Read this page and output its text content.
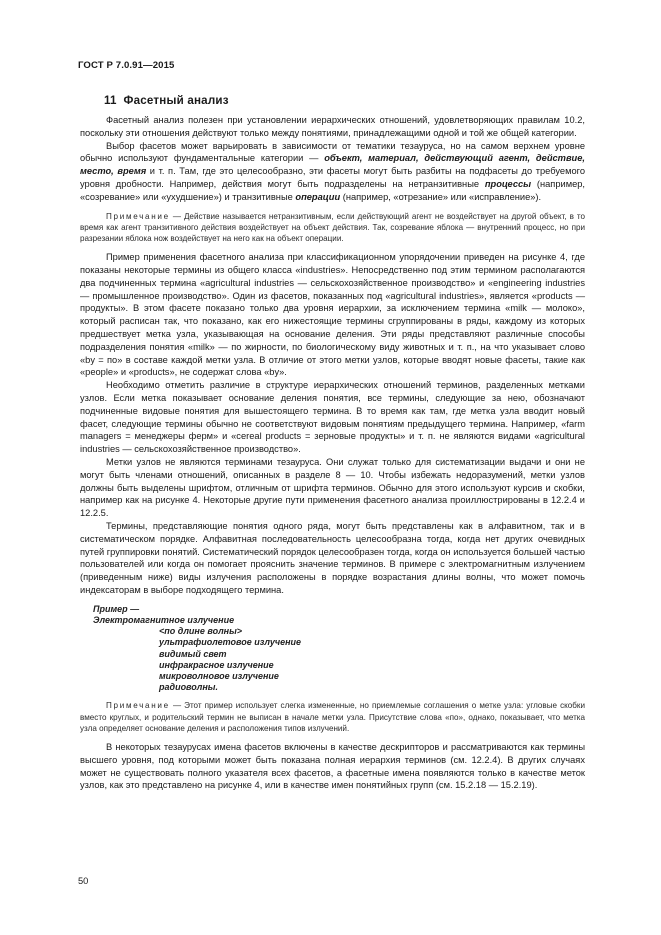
ГОСТ Р 7.0.91—2015
11 Фасетный анализ

Фасетный анализ полезен при установлении иерархических отношений, удовлетворяющих правилам 10.2, поскольку эти отношения действуют только между понятиями, принадлежащими одной и той же общей категории.

Выбор фасетов может варьировать в зависимости от тематики тезауруса, но на самом верхнем уровне обычно используют фундаментальные категории — объект, материал, действующий агент, действие, место, время и т. п. Там, где это целесообразно, эти фасеты могут быть разбиты на подфасеты до требуемого уровня дробности. Например, действия могут быть подразделены на нетранзитивные процессы (например, «созревание» или «ухудшение») и транзитивные операции (например, «отрезание» или «исправление»).

Примечание — Действие называется нетранзитивным, если действующий агент не воздействует на другой объект, в то время как агент транзитивного действия воздействует на объект действия. Так, созревание яблока — внутренний процесс, но при разрезании яблока нож воздействует на него как на объект операции.

Пример применения фасетного анализа при классификационном упорядочении приведен на рисунке 4, где показаны некоторые термины из общего класса «industries». Непосредственно под этим термином располагаются два подчиненных термина «agricultural industries — сельскохозяйственное производство» и «engineering industries — промышленное производство». Один из фасетов, показанных под «agricultural industries», является «products — продукты». В этом фасете показано только два уровня иерархии, за исключением термина «milk — молоко», который расписан так, что показано, как его нижестоящие термины сгруппированы в ряды, каждому из которых предшествует метка узла, указывающая на основание деления. Эти ряды представляют различные способы подразделения понятия «milk» — по жирности, по биологическому виду животных и т. п., на что указывает слово «by = по» в составе каждой метки узла. В отличие от этого метки узлов, которые вводят новые фасеты, такие как «people» и «products», не содержат слова «by».

Необходимо отметить различие в структуре иерархических отношений терминов, разделенных метками узлов. Если метка показывает основание деления понятия, все термины, следующие за нею, обозначают подчиненные видовые понятия для вышестоящего термина. В то время как там, где метка узла вводит новый фасет, следующие термины обычно не соответствуют видовым понятиям предыдущего термина. Например, «farm managers = менеджеры ферм» и «cereal products = зерновые продукты» и т. п. не являются видами «agricultural industries — сельскохозяйственное производство».

Метки узлов не являются терминами тезауруса. Они служат только для систематизации выдачи и они не могут быть членами отношений, описанных в разделе 8 — 10. Чтобы избежать недоразумений, метки узлов должны быть выделены шрифтом, отличным от шрифта терминов. Обычно для этого используют курсив и скобки, например как на рисунке 4. Некоторые другие пути применения фасетного анализа проиллюстрированы в 12.2.4 и 12.2.5.

Термины, представляющие понятия одного ряда, могут быть представлены как в алфавитном, так и в систематическом порядке. Алфавитная последовательность целесообразна тогда, когда нет других очевидных путей группировки понятий. Систематический порядок целесообразен тогда, когда он используется большей частью пользователей или когда он помогает прояснить значение терминов. В примере с электромагнитным излучением (приведенным ниже) виды излучения расположены в порядке возрастания длины волны, что может помочь индексаторам в выборе подходящего термина.

Пример —
Электромагнитное излучение
<по длине волны>
ультрафиолетовое излучение
видимый свет
инфракрасное излучение
микроволновое излучение
радиоволны.

Примечание — Этот пример использует слегка измененные, но приемлемые соглашения о метке узла: угловые скобки вместо круглых, и родительский термин не выписан в начале метки узла. Присутствие слова «по», однако, показывает, что метка узла определяет основание деления и расположения типов излучений.

В некоторых тезаурусах имена фасетов включены в качестве дескрипторов и рассматриваются как термины высшего уровня, под которыми может быть показана полная иерархия терминов (см. 12.2.4). В других случаях может не существовать полного указателя всех фасетов, а фасетные имена появляются только в качестве меток узлов, как это представлено на рисунке 4, или в качестве имен понятийных групп (см. 15.2.18 — 15.2.19).

50
